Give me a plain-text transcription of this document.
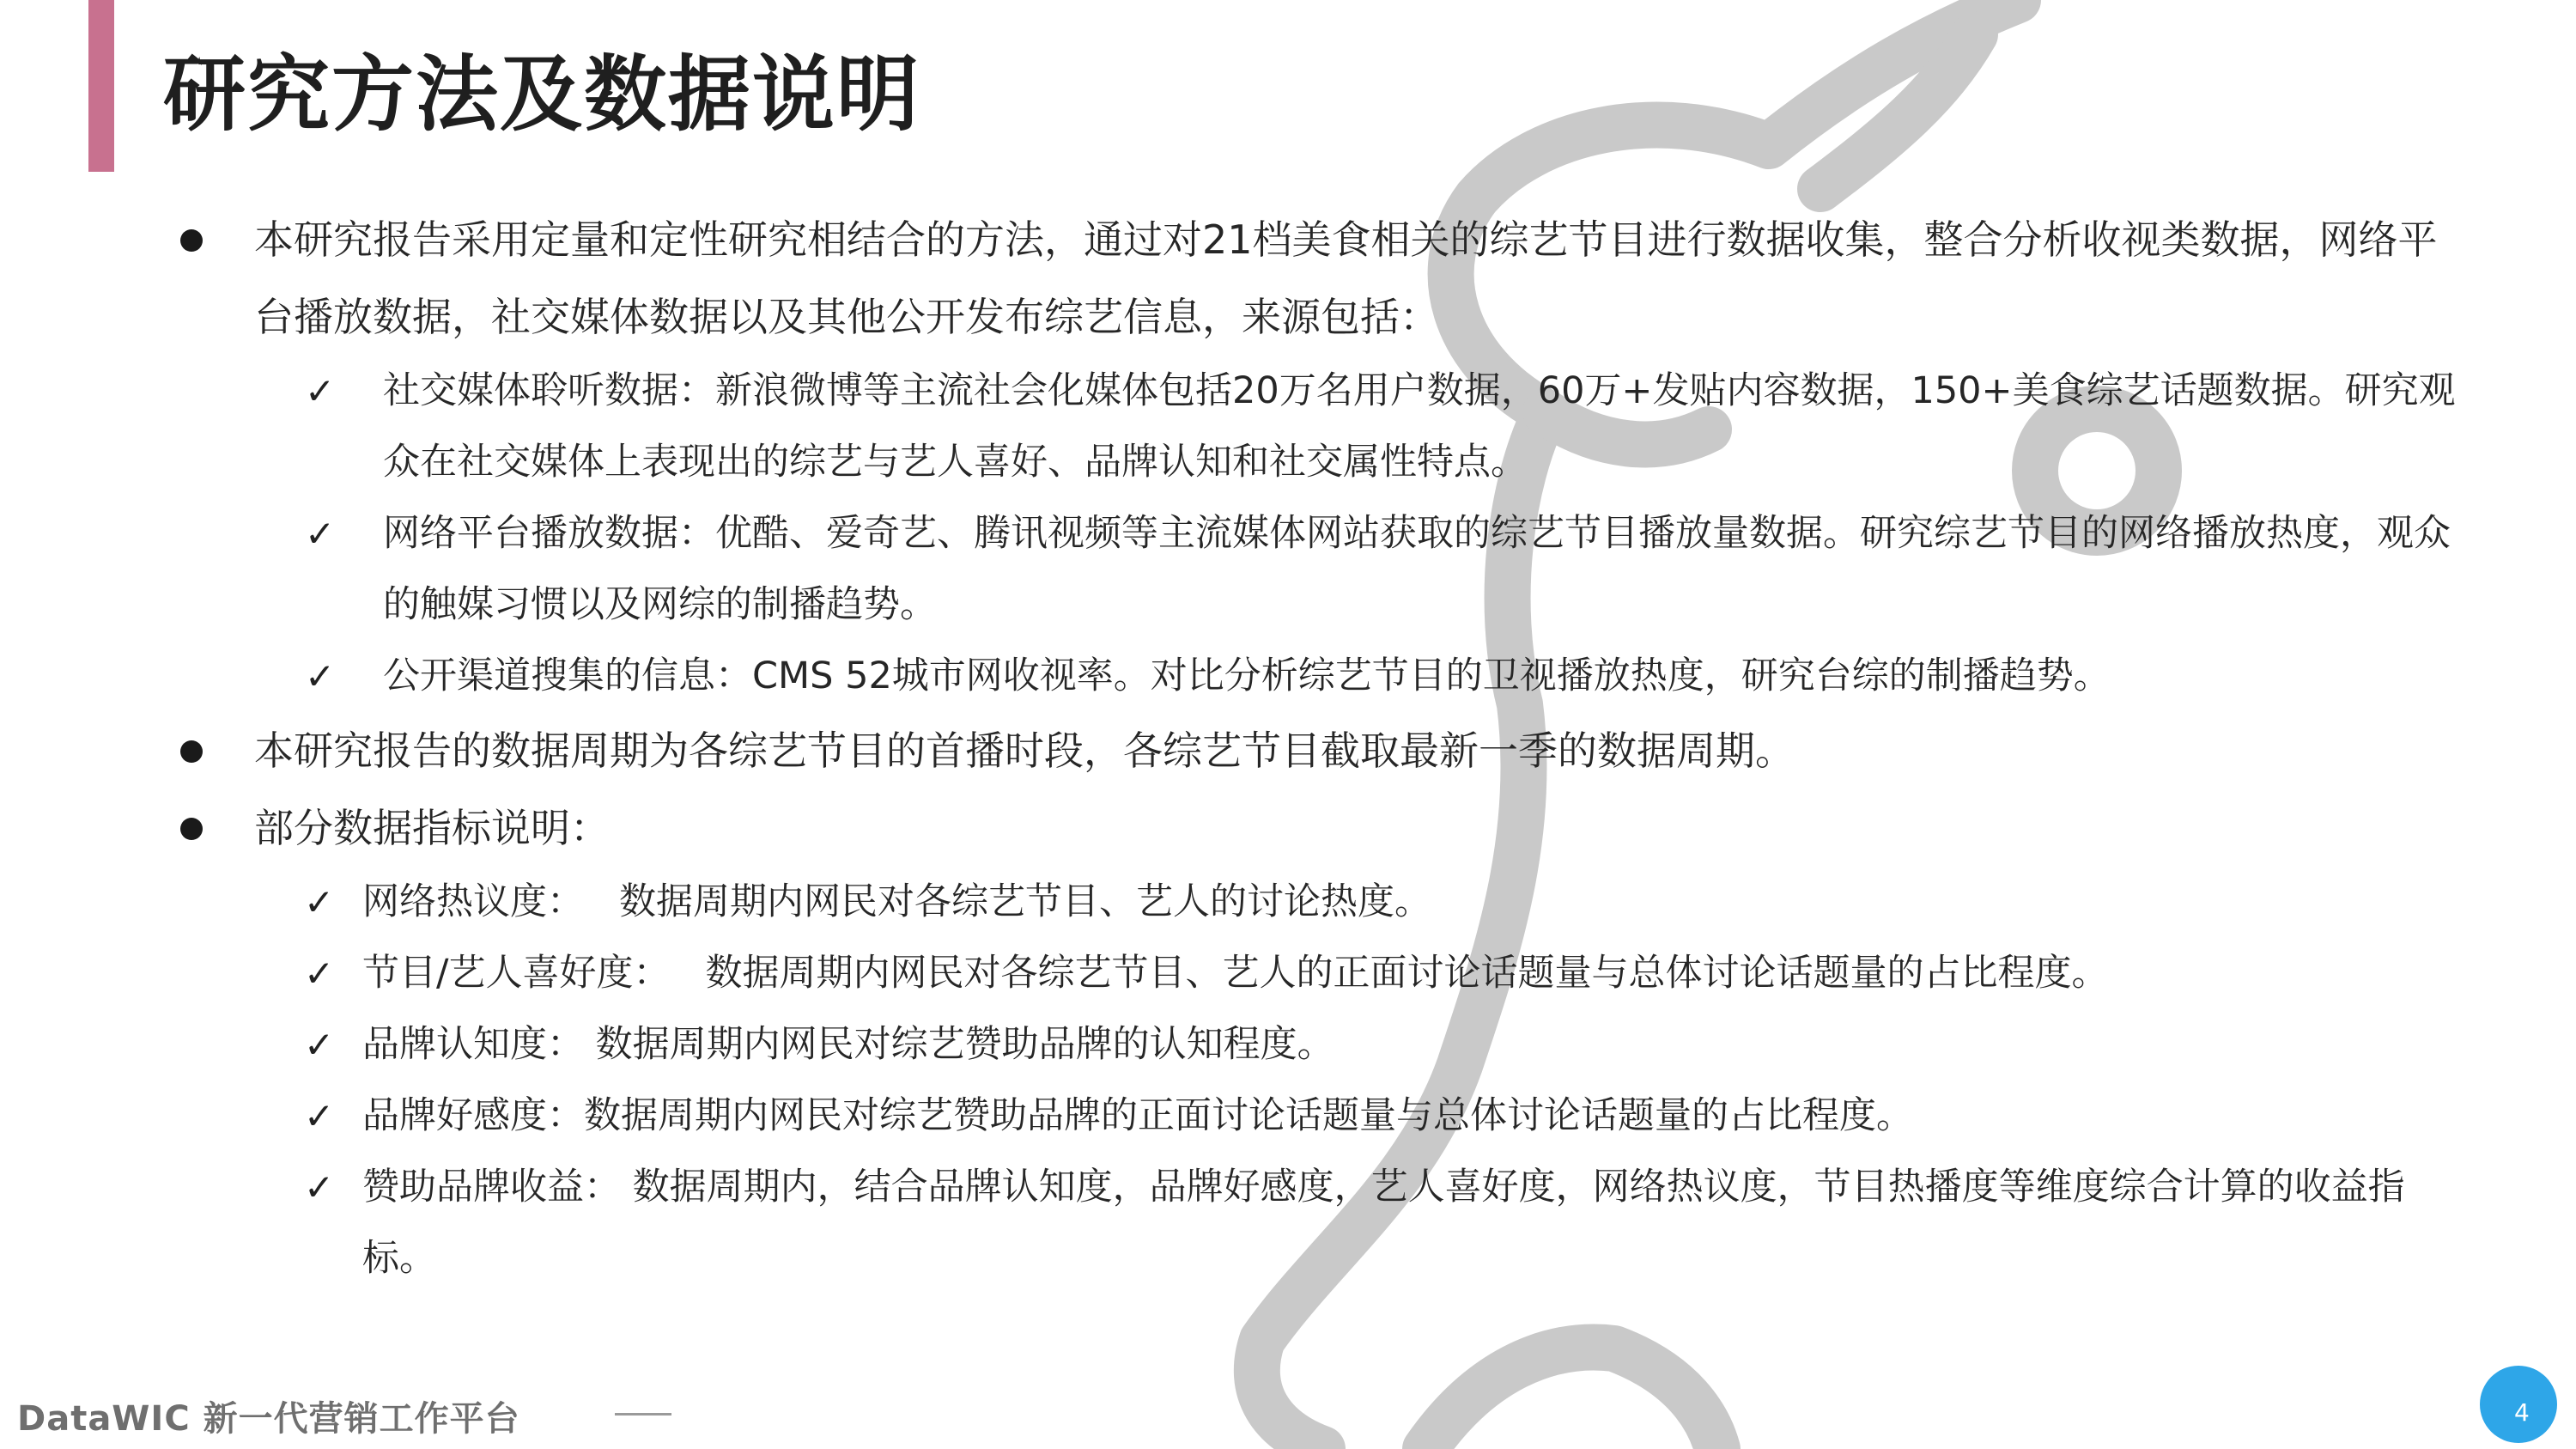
研究方法及数据说明
本研究报告采用定量和定性研究相结合的方法，通过对21档美食相关的综艺节目进行数据收集，整合分析收视类数据，网络平台播放数据，社交媒体数据以及其他公开发布综艺信息，来源包括：
✓ 社交媒体聆听数据：新浪微博等主流社会化媒体包括20万名用户数据，60万+发贴内容数据，150+美食综艺话题数据。研究观众在社交媒体上表现出的综艺与艺人喜好、品牌认知和社交属性特点。
✓ 网络平台播放数据：优酷、爱奇艺、腾讯视频等主流媒体网站获取的综艺节目播放量数据。研究综艺节目的网络播放热度，观众的触媒习惯以及网综的制播趋势。
✓ 公开渠道搜集的信息：CMS 52城市网收视率。对比分析综艺节目的卫视播放热度，研究台综的制播趋势。
本研究报告的数据周期为各综艺节目的首播时段，各综艺节目截取最新一季的数据周期。
部分数据指标说明：
✓ 网络热议度：   数据周期内网民对各综艺节目、艺人的讨论热度。
✓ 节目/艺人喜好度：   数据周期内网民对各综艺节目、艺人的正面讨论话题量与总体讨论话题量的占比程度。
✓ 品牌认知度： 数据周期内网民对综艺赞助品牌的认知程度。
✓ 品牌好感度：数据周期内网民对综艺赞助品牌的正面讨论话题量与总体讨论话题量的占比程度。
✓ 赞助品牌收益： 数据周期内，结合品牌认知度，品牌好感度，艺人喜好度，网络热议度，节目热播度等维度综合计算的收益指标。
DataWIC 新一代营销工作平台	4
